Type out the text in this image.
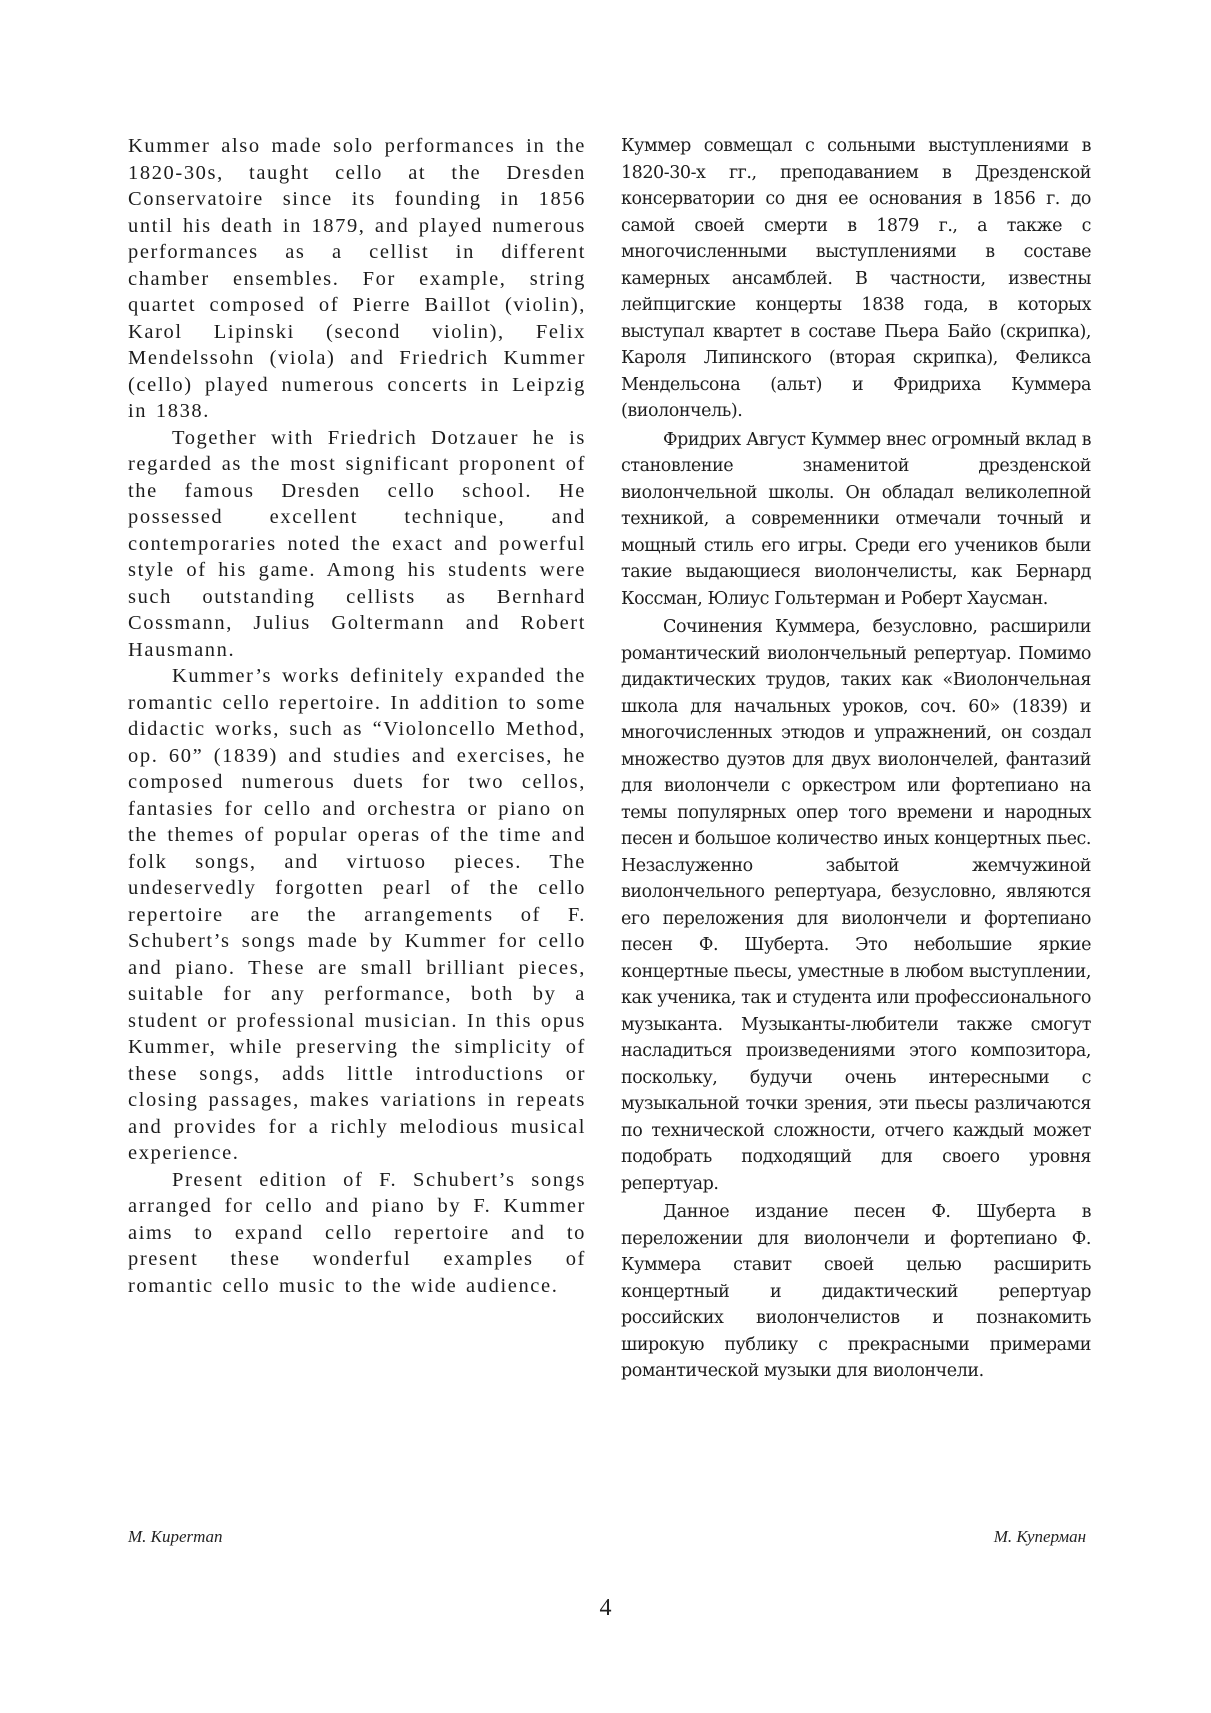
Kummer also made solo performances in the 1820-30s, taught cello at the Dresden Conservatoire since its founding in 1856 until his death in 1879, and played numerous performances as a cellist in different chamber ensembles. For example, string quartet composed of Pierre Baillot (violin), Karol Lipinski (second violin), Felix Mendelssohn (viola) and Friedrich Kummer (cello) played numerous concerts in Leipzig in 1838.

Together with Friedrich Dotzauer he is regarded as the most significant proponent of the famous Dresden cello school. He possessed excellent technique, and contemporaries noted the exact and powerful style of his game. Among his students were such outstanding cellists as Bernhard Cossmann, Julius Goltermann and Robert Hausmann.

Kummer’s works definitely expanded the romantic cello repertoire. In addition to some didactic works, such as “Violoncello Method, op. 60” (1839) and studies and exercises, he composed numerous duets for two cellos, fantasies for cello and orchestra or piano on the themes of popular operas of the time and folk songs, and virtuoso pieces. The undeservedly forgotten pearl of the cello repertoire are the arrangements of F. Schubert’s songs made by Kummer for cello and piano. These are small brilliant pieces, suitable for any performance, both by a student or professional musician. In this opus Kummer, while preserving the simplicity of these songs, adds little introductions or closing passages, makes variations in repeats and provides for a richly melodious musical experience.

Present edition of F. Schubert’s songs arranged for cello and piano by F. Kummer aims to expand cello repertoire and to present these wonderful examples of romantic cello music to the wide audience.

Куммер совмещал с сольными выступлениями в 1820-30-х гг., преподаванием в Дрезденской консерватории со дня ее основания в 1856 г. до самой своей смерти в 1879 г., а также с многочисленными выступлениями в составе камерных ансамблей. В частности, известны лейпцигские концерты 1838 года, в которых выступал квартет в составе Пьера Байо (скрипка), Кароля Липинского (вторая скрипка), Феликса Мендельсона (альт) и Фридриха Куммера (виолончель).

Фридрих Август Куммер внес огромный вклад в становление знаменитой дрезденской виолончельной школы. Он обладал великолепной техникой, а современники отмечали точный и мощный стиль его игры. Среди его учеников были такие выдающиеся виолончелисты, как Бернард Коссман, Юлиус Гольтерман и Роберт Хаусман.

Сочинения Куммера, безусловно, расширили романтический виолончельный репертуар. Помимо дидактических трудов, таких как «Виолончельная школа для начальных уроков, соч. 60» (1839) и многочисленных этюдов и упражнений, он создал множество дуэтов для двух виолончелей, фантазий для виолончели с оркестром или фортепиано на темы популярных опер того времени и народных песен и большое количество иных концертных пьес. Незаслуженно забытой жемчужиной виолончельного репертуара, безусловно, являются его переложения для виолончели и фортепиано песен Ф. Шуберта. Это небольшие яркие концертные пьесы, уместные в любом выступлении, как ученика, так и студента или профессионального музыканта. Музыканты-любители также смогут насладиться произведениями этого композитора, поскольку, будучи очень интересными с музыкальной точки зрения, эти пьесы различаются по технической сложности, отчего каждый может подобрать подходящий для своего уровня репертуар.

Данное издание песен Ф. Шуберта в переложении для виолончели и фортепиано Ф. Куммера ставит своей целью расширить концертный и дидактический репертуар российских виолончелистов и познакомить широкую публику с прекрасными примерами романтической музыки для виолончели.

M. Kuperman	М. Куперман
4
